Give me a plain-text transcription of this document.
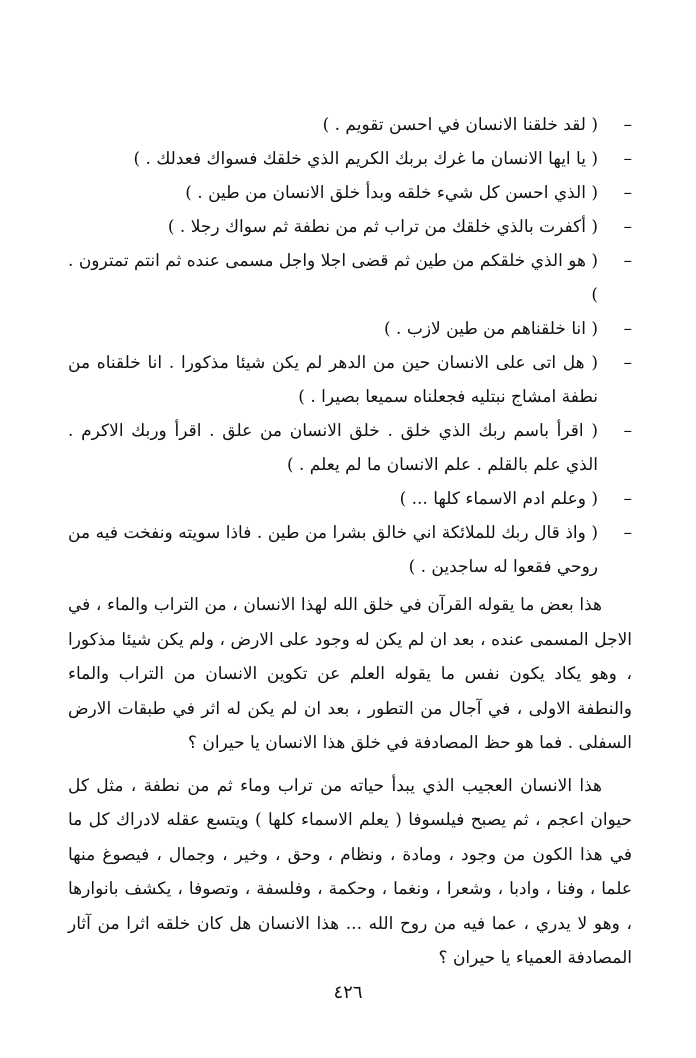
–
( لقد خلقنا الانسان في احسن تقويم . )
–
( يا ايها الانسان ما غرك بربك الكريم الذي خلقك فسواك فعدلك . )
–
( الذي احسن كل شيء خلقه وبدأ خلق الانسان من طين . )
–
( أكفرت بالذي خلقك من تراب ثم من نطفة ثم سواك رجلا . )
–
( هو الذي خلقكم من طين ثم قضى اجلا واجل مسمى عنده ثم انتم تمترون . )
–
( انا خلقناهم من طين لازب . )
–
( هل اتى على الانسان حين من الدهر لم يكن شيئا مذكورا . انا خلقناه من نطفة امشاج نبتليه فجعلناه سميعا بصيرا . )
–
( اقرأ باسم ربك الذي خلق . خلق الانسان من علق . اقرأ وربك الاكرم . الذي علم بالقلم . علم الانسان ما لم يعلم . )
–
( وعلم ادم الاسماء كلها ... )
–
( واذ قال ربك للملائكة اني خالق بشرا من طين . فاذا سويته ونفخت فيه من روحي فقعوا له ساجدين . )

هذا بعض ما يقوله القرآن في خلق الله لهذا الانسان ، من التراب والماء ، في الاجل المسمى عنده ، بعد ان لم يكن له وجود على الارض ، ولم يكن شيئا مذكورا ، وهو يكاد يكون نفس ما يقوله العلم عن تكوين الانسان من التراب والماء والنطفة الاولى ، في آجال من التطور ، بعد ان لم يكن له اثر في طبقات الارض السفلى . فما هو حظ المصادفة في خلق هذا الانسان يا حيران ؟

هذا الانسان العجيب الذي يبدأ حياته من تراب وماء ثم من نطفة ، مثل كل حيوان اعجم ، ثم يصبح فيلسوفا ( يعلم الاسماء كلها ) ويتسع عقله لادراك كل ما في هذا الكون من وجود ، ومادة ، ونظام ، وحق ، وخير ، وجمال ، فيصوغ منها علما ، وفنا ، وادبا ، وشعرا ، ونغما ، وحكمة ، وفلسفة ، وتصوفا ، يكشف بانوارها ، وهو لا يدري ، عما فيه من روح الله ... هذا الانسان هل كان خلقه اثرا من آثار المصادفة العمياء يا حيران ؟

٤٢٦
